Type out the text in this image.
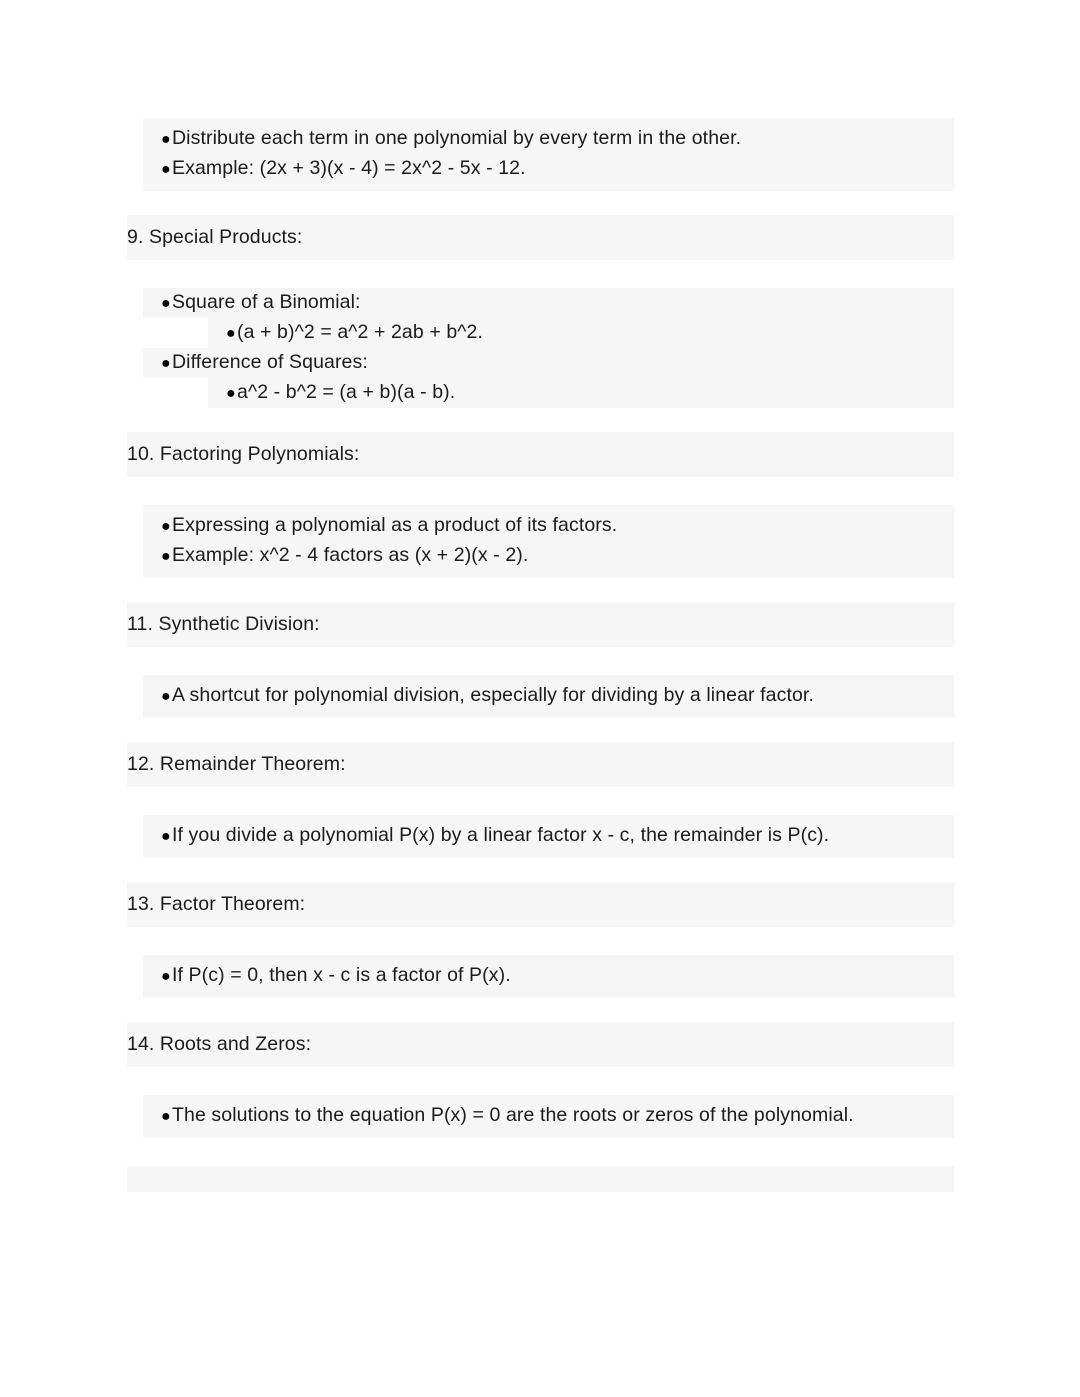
● Distribute each term in one polynomial by every term in the other.
● Example: (2x + 3)(x - 4) = 2x^2 - 5x - 12.
9. Special Products:
● Square of a Binomial:
● (a + b)^2 = a^2 + 2ab + b^2.
● Difference of Squares:
● a^2 - b^2 = (a + b)(a - b).
10. Factoring Polynomials:
● Expressing a polynomial as a product of its factors.
● Example: x^2 - 4 factors as (x + 2)(x - 2).
11. Synthetic Division:
● A shortcut for polynomial division, especially for dividing by a linear factor.
12. Remainder Theorem:
● If you divide a polynomial P(x) by a linear factor x - c, the remainder is P(c).
13. Factor Theorem:
● If P(c) = 0, then x - c is a factor of P(x).
14. Roots and Zeros:
● The solutions to the equation P(x) = 0 are the roots or zeros of the polynomial.
